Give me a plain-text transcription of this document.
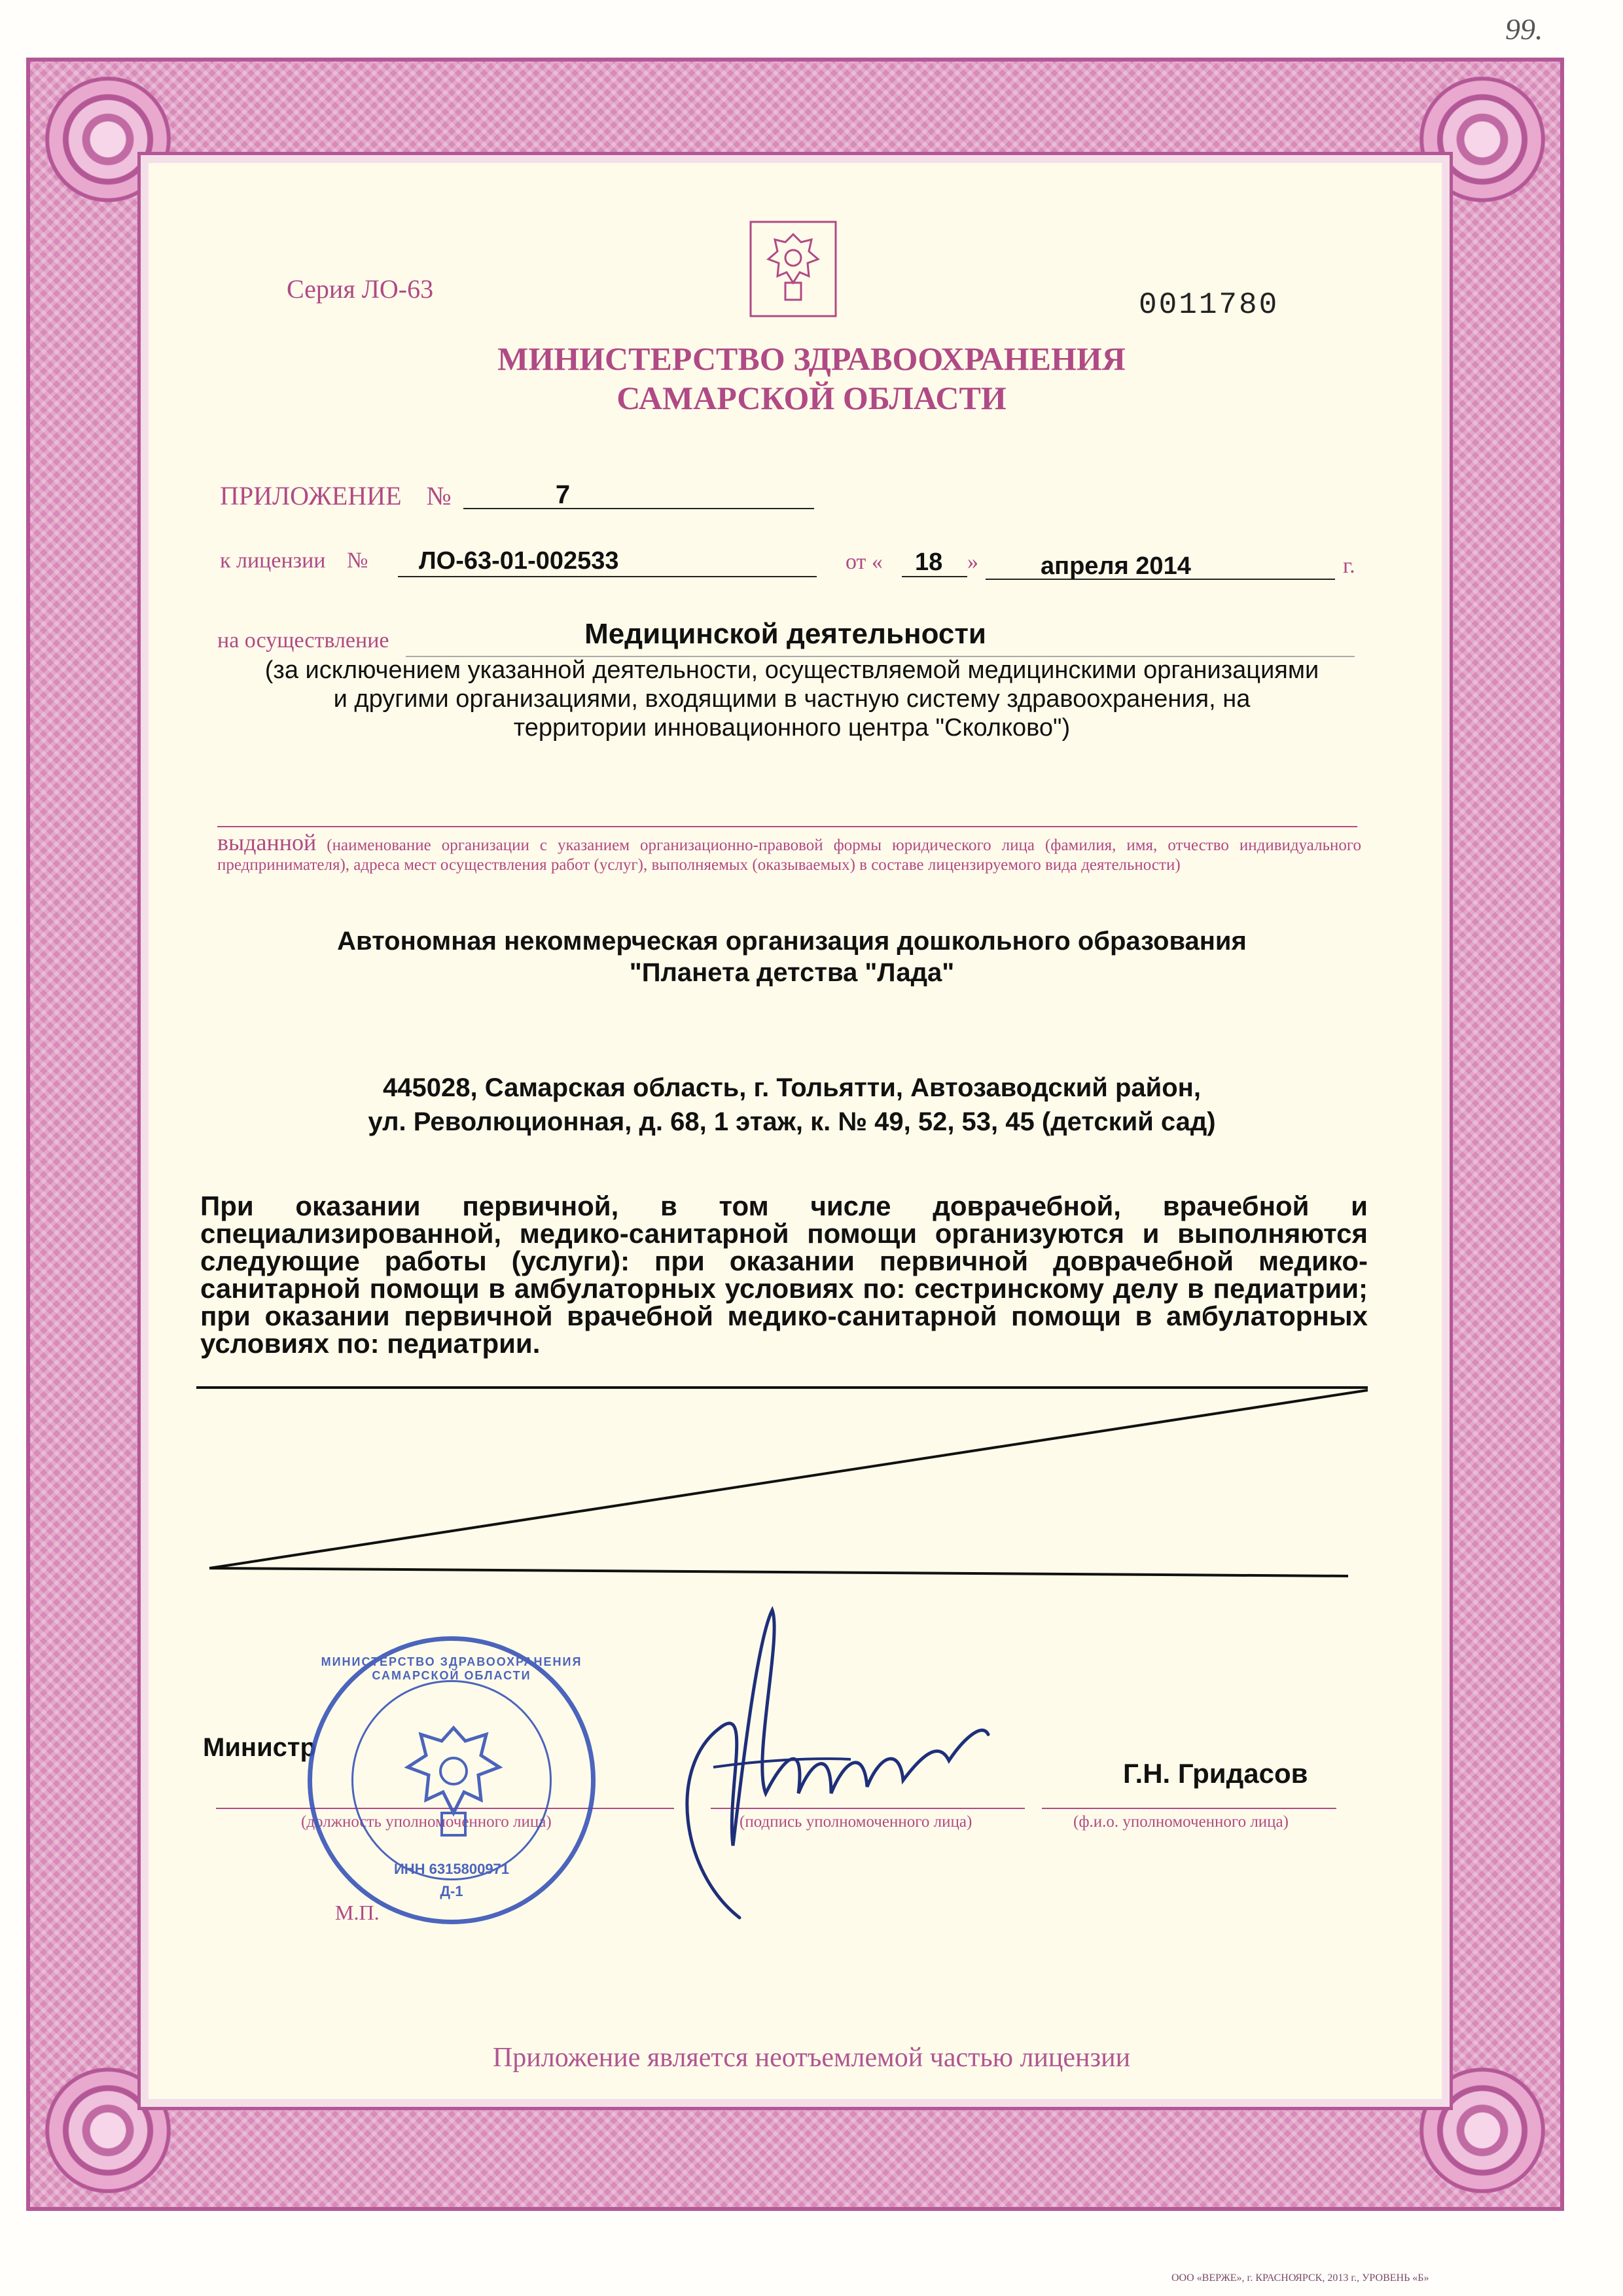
99.
Серия ЛО-63	0011780
МИНИСТЕРСТВО ЗДРАВООХРАНЕНИЯ
САМАРСКОЙ ОБЛАСТИ
ПРИЛОЖЕНИЕ №	7
к лицензии № ЛО-63-01-002533	от « 18 »	апреля 2014	г.
на осуществление	Медицинской деятельности
(за исключением указанной деятельности, осуществляемой медицинскими организациями
и другими организациями, входящими в частную систему здравоохранения, на
территории инновационного центра "Сколково")
выданной (наименование организации с указанием организационно-правовой формы юридического лица (фамилия, имя, отчество индивидуального предпринимателя), адреса мест осуществления работ (услуг), выполняемых (оказываемых) в составе лицензируемого вида деятельности)
Автономная некоммерческая организация дошкольного образования
"Планета детства "Лада"
445028, Самарская область, г. Тольятти, Автозаводский район,
ул. Революционная, д. 68, 1 этаж, к. № 49, 52, 53, 45 (детский сад)
При оказании первичной, в том числе доврачебной, врачебной и специализированной, медико-санитарной помощи организуются и выполняются следующие работы (услуги): при оказании первичной доврачебной медико-санитарной помощи в амбулаторных условиях по: сестринскому делу в педиатрии; при оказании первичной врачебной медико-санитарной помощи в амбулаторных условиях по: педиатрии.
Министр
(должность уполномоченного лица)	(подпись уполномоченного лица)
Г.Н. Гридасов
(ф.и.о. уполномоченного лица)
М.П.
МИНИСТЕРСТВО ЗДРАВООХРАНЕНИЯ САМАРСКОЙ ОБЛАСТИ
ИНН 6315800971
Д-1
Приложение является неотъемлемой частью лицензии
ООО «ВЕРЖЕ», г. КРАСНОЯРСК, 2013 г., УРОВЕНЬ «Б»
